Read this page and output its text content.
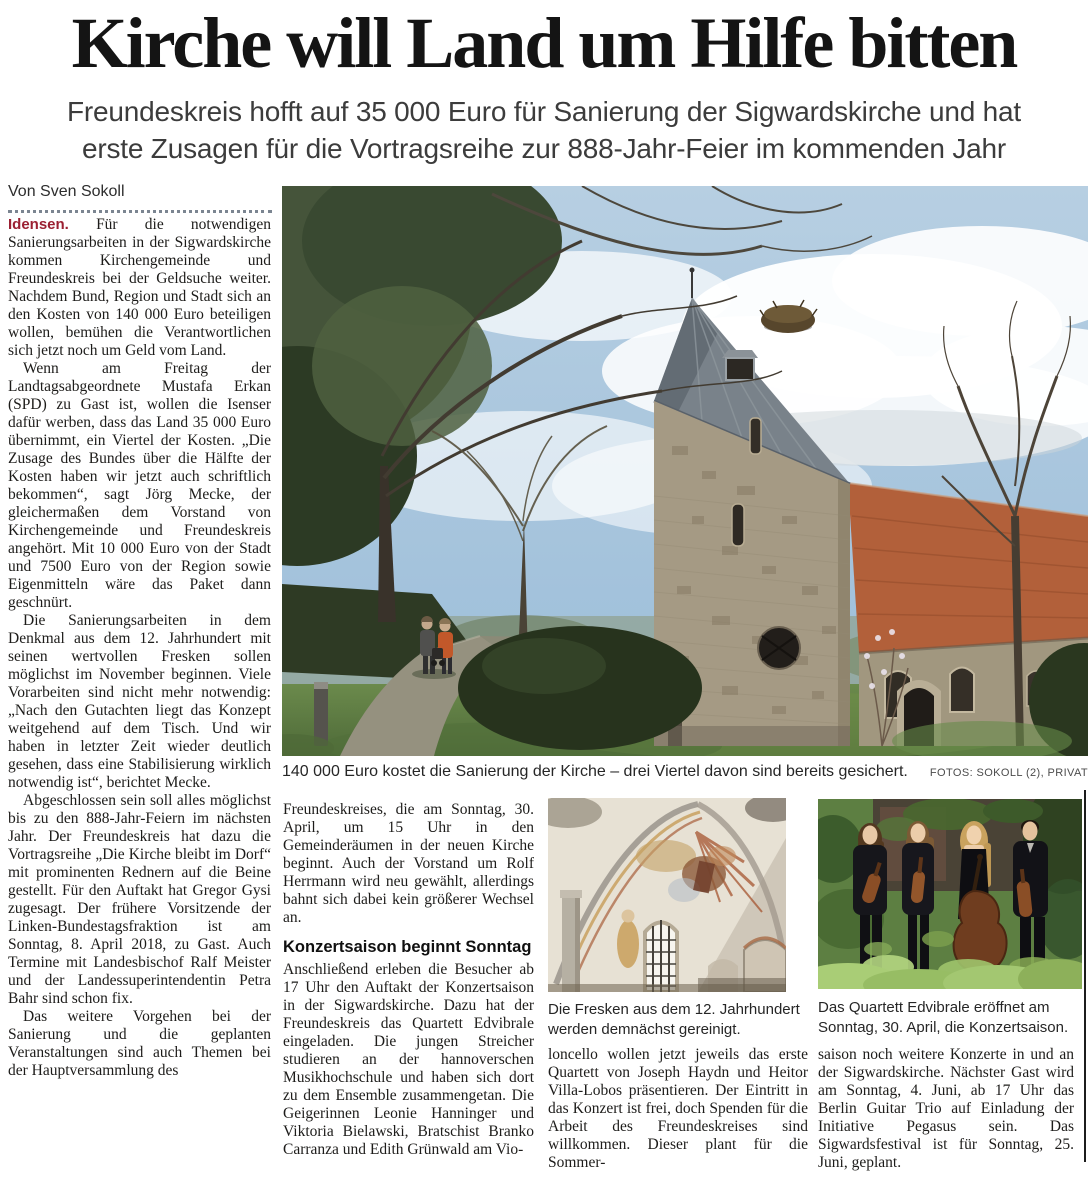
Kirche will Land um Hilfe bitten
Freundeskreis hofft auf 35 000 Euro für Sanierung der Sigwardskirche und hat erste Zusagen für die Vortragsreihe zur 888-Jahr-Feier im kommenden Jahr
Von Sven Sokoll

Idensen. Für die notwendigen Sanierungsarbeiten in der Sigwardskirche kommen Kirchengemeinde und Freundeskreis bei der Geldsuche weiter. Nachdem Bund, Region und Stadt sich an den Kosten von 140 000 Euro beteiligen wollen, bemühen die Verantwortlichen sich jetzt noch um Geld vom Land.

Wenn am Freitag der Landtagsabgeordnete Mustafa Erkan (SPD) zu Gast ist, wollen die Isenser dafür werben, dass das Land 35 000 Euro übernimmt, ein Viertel der Kosten. „Die Zusage des Bundes über die Hälfte der Kosten haben wir jetzt auch schriftlich bekommen“, sagt Jörg Mecke, der gleichermaßen dem Vorstand von Kirchengemeinde und Freundeskreis angehört. Mit 10 000 Euro von der Stadt und 7500 Euro von der Region sowie Eigenmitteln wäre das Paket dann geschnürt.

Die Sanierungsarbeiten in dem Denkmal aus dem 12. Jahrhundert mit seinen wertvollen Fresken sollen möglichst im November beginnen. Viele Vorarbeiten sind nicht mehr notwendig: „Nach den Gutachten liegt das Konzept weitgehend auf dem Tisch. Und wir haben in letzter Zeit wieder deutlich gesehen, dass eine Stabilisierung wirklich notwendig ist“, berichtet Mecke.

Abgeschlossen sein soll alles möglichst bis zu den 888-Jahr-Feiern im nächsten Jahr. Der Freundeskreis hat dazu die Vortragsreihe „Die Kirche bleibt im Dorf“ mit prominenten Rednern auf die Beine gestellt. Für den Auftakt hat Gregor Gysi zugesagt. Der frühere Vorsitzende der Linken-Bundestagsfraktion ist am Sonntag, 8. April 2018, zu Gast. Auch Termine mit Landesbischof Ralf Meister und der Landessuperintendentin Petra Bahr sind schon fix.

Das weitere Vorgehen bei der Sanierung und die geplanten Veranstaltungen sind auch Themen bei der Hauptversammlung des

140 000 Euro kostet die Sanierung der Kirche – drei Viertel davon sind bereits gesichert. FOTOS: SOKOLL (2), PRIVAT
Die Fresken aus dem 12. Jahrhundert werden demnächst gereinigt.
Das Quartett Edvibrale eröffnet am Sonntag, 30. April, die Konzertsaison.

Freundeskreises, die am Sonntag, 30. April, um 15 Uhr in den Gemeinderäumen in der neuen Kirche beginnt. Auch der Vorstand um Rolf Herrmann wird neu gewählt, allerdings bahnt sich dabei kein größerer Wechsel an.

Konzertsaison beginnt Sonntag

Anschließend erleben die Besucher ab 17 Uhr den Auftakt der Konzertsaison in der Sigwardskirche. Dazu hat der Freundeskreis das Quartett Edvibrale eingeladen. Die jungen Streicher studieren an der hannoverschen Musikhochschule und haben sich dort zu dem Ensemble zusammengetan. Die Geigerinnen Leonie Hanninger und Viktoria Bielawski, Bratschist Branko Carranza und Edith Grünwald am Vio-

loncello wollen jetzt jeweils das erste Quartett von Joseph Haydn und Heitor Villa-Lobos präsentieren. Der Eintritt in das Konzert ist frei, doch Spenden für die Arbeit des Freundeskreises sind willkommen. Dieser plant für die Sommer-

saison noch weitere Konzerte in und an der Sigwardskirche. Nächster Gast wird am Sonntag, 4. Juni, ab 17 Uhr das Berlin Guitar Trio auf Einladung der Initiative Pegasus sein. Das Sigwardsfestival ist für Sonntag, 25. Juni, geplant.
